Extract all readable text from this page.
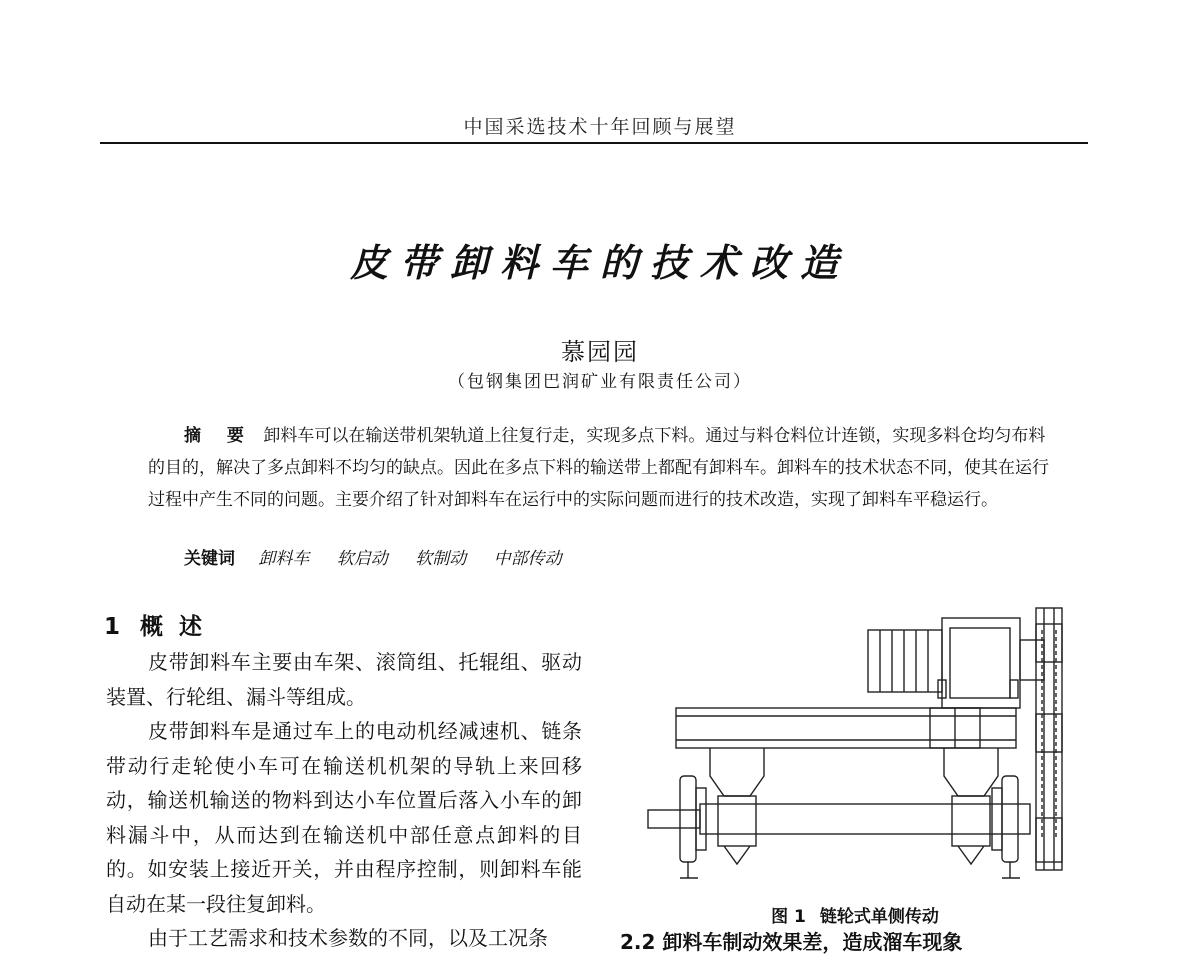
中国采选技术十年回顾与展望
皮带卸料车的技术改造
慕园园
（包钢集团巴润矿业有限责任公司）
摘 要 卸料车可以在输送带机架轨道上往复行走，实现多点下料。通过与料仓料位计连锁，实现多料仓均匀布料的目的，解决了多点卸料不均匀的缺点。因此在多点下料的输送带上都配有卸料车。卸料车的技术状态不同，使其在运行过程中产生不同的问题。主要介绍了针对卸料车在运行中的实际问题而进行的技术改造，实现了卸料车平稳运行。
关键词 卸料车 软启动 软制动 中部传动
1 概 述

皮带卸料车主要由车架、滚筒组、托辊组、驱动装置、行轮组、漏斗等组成。

皮带卸料车是通过车上的电动机经减速机、链条带动行走轮使小车可在输送机机架的导轨上来回移动，输送机输送的物料到达小车位置后落入小车的卸料漏斗中，从而达到在输送机中部任意点卸料的目的。如安装上接近开关，并由程序控制，则卸料车能自动在某一段往复卸料。

由于工艺需求和技术参数的不同，以及工况条

图 1 链轮式单侧传动
2.2 卸料车制动效果差，造成溜车现象
